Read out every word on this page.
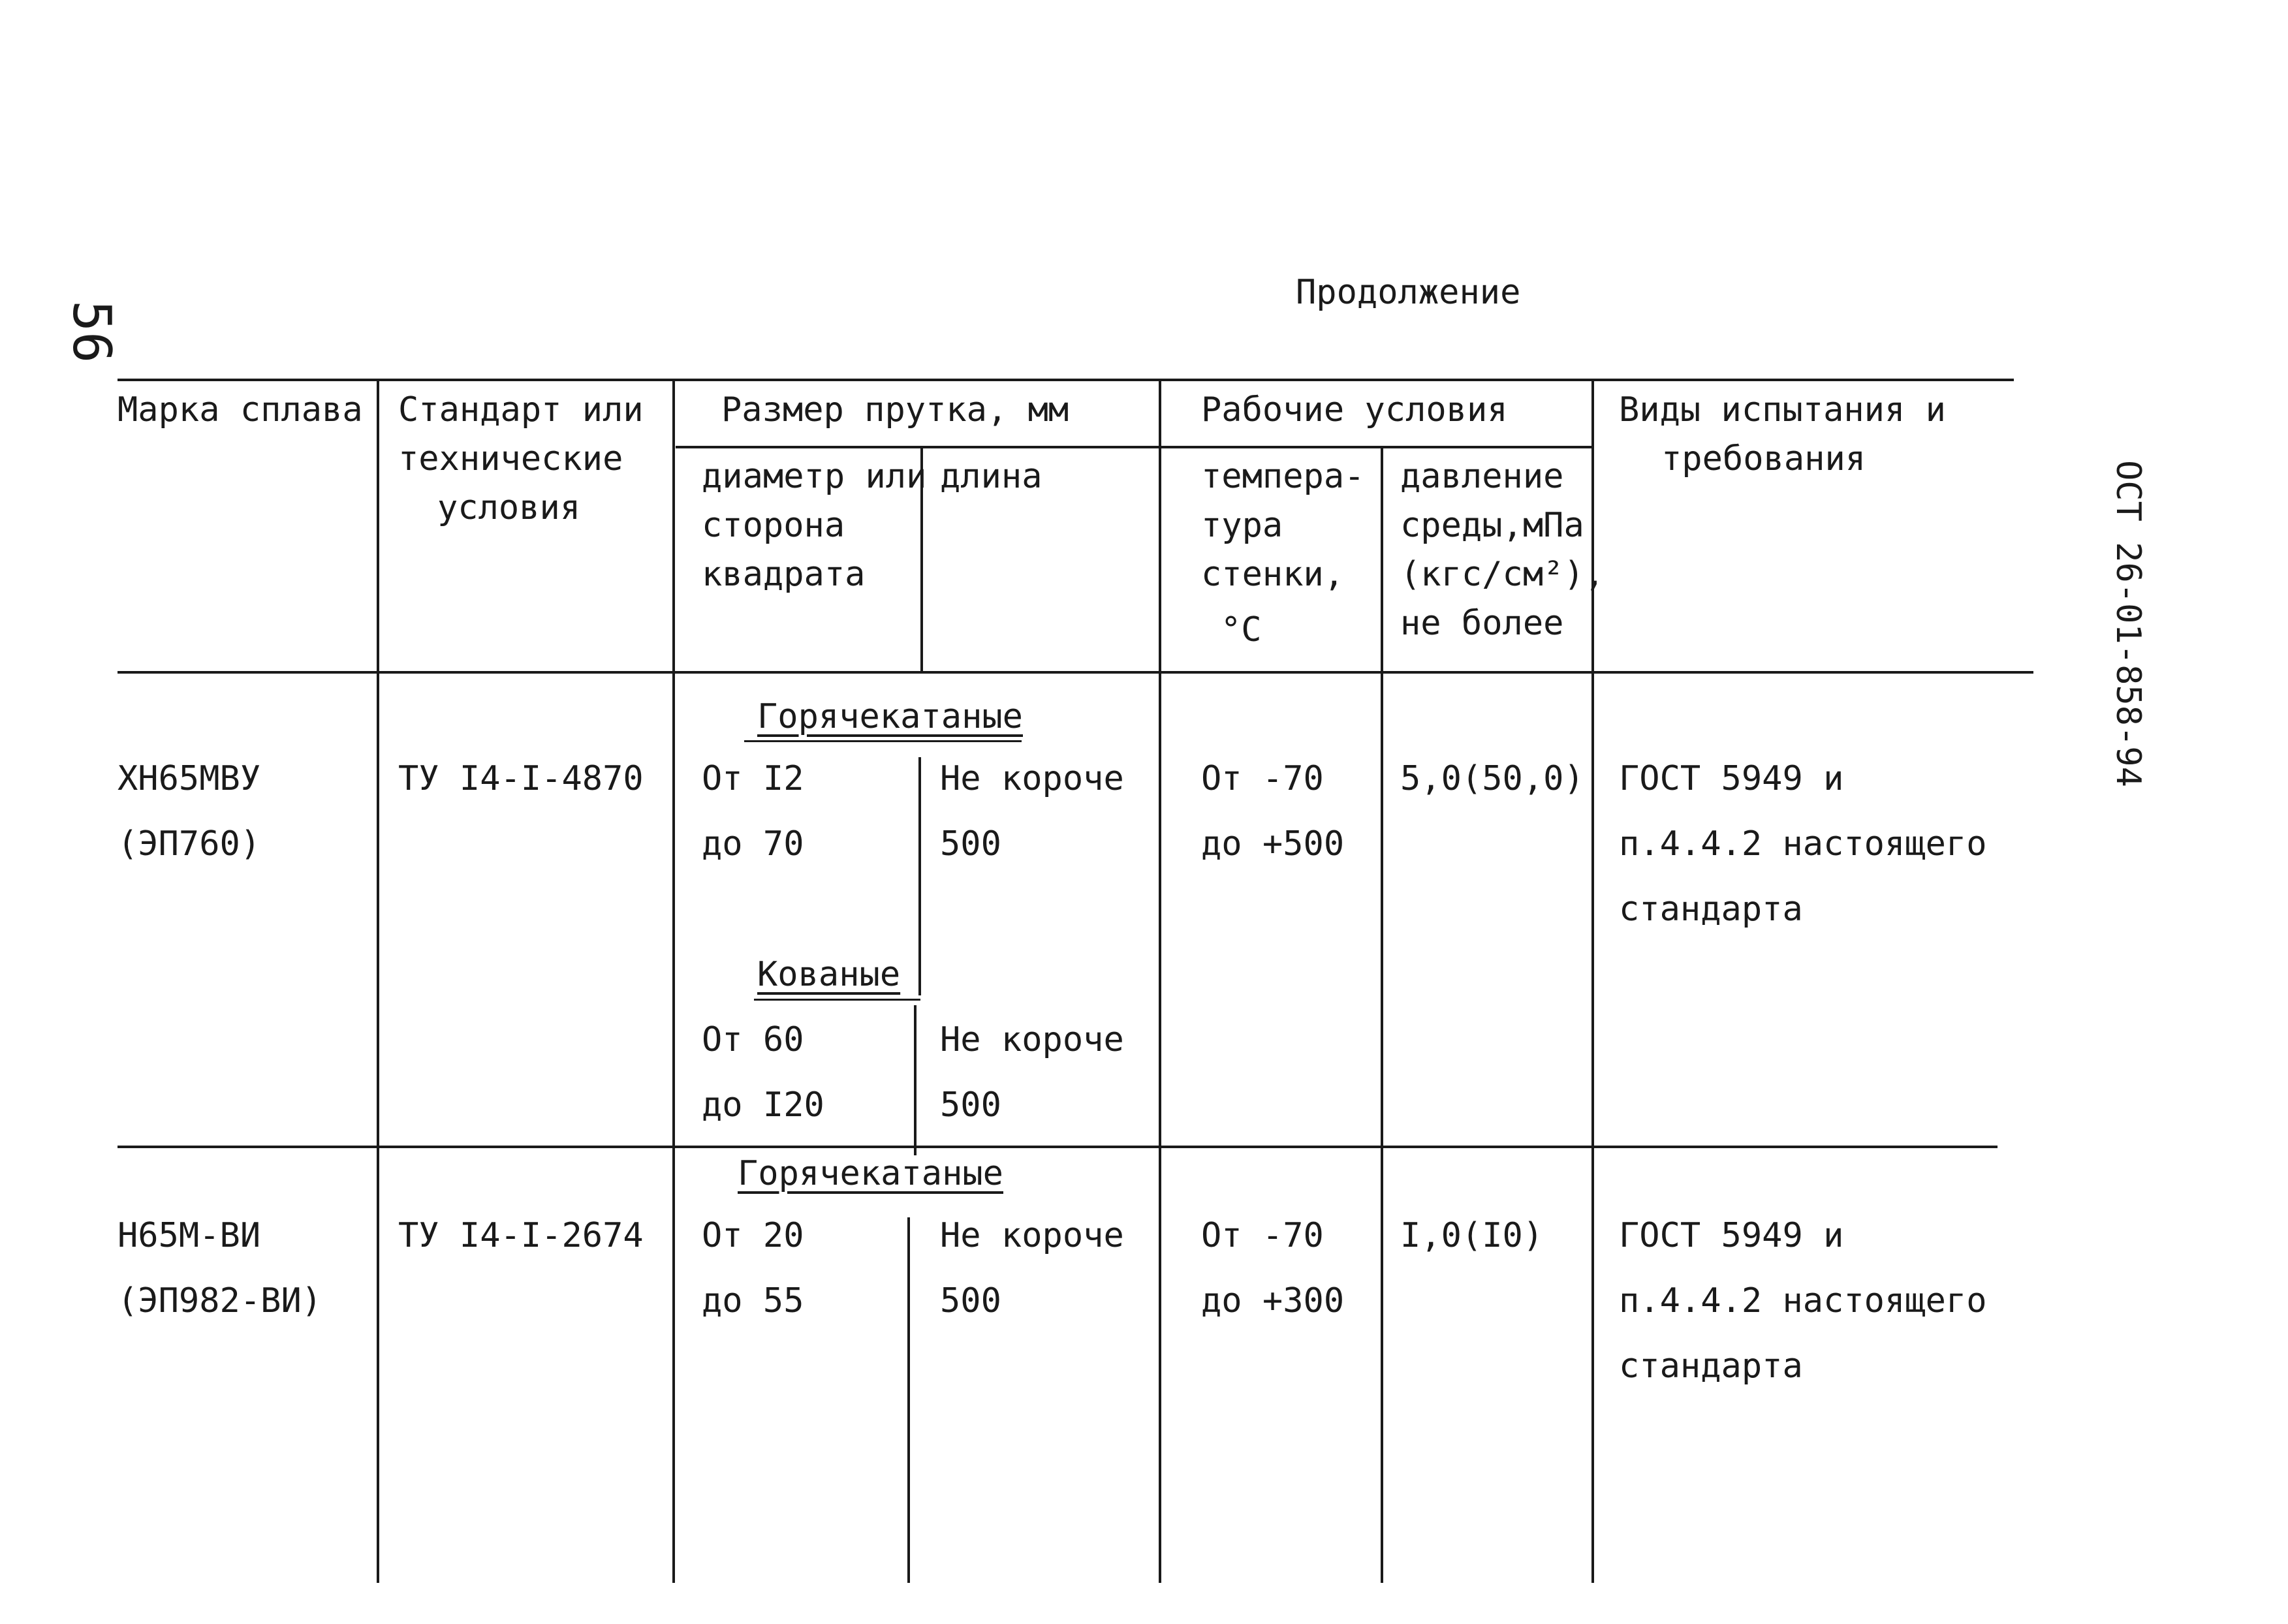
56
ОСТ 26-01-858-94
Продолжение
Марка сплава Стандарт или
технические
условия
Размер прутка, мм
диаметр или
сторона
квадрата
длина
Рабочие условия
темпера-
тура
стенки,
°С
давление
среды,мПа
(кгс/см²),
не более
Виды испытания и
требования
Горячекатаные
ХН65МВУ
(ЭП760)
ТУ I4-I-4870 От I2
до 70
Не короче
500
От -70
до +500
5,0(50,0) ГОСТ 5949 и
п.4.4.2 настоящего
стандарта
Кованые
От 60
до I20
Не короче
500
Горячекатаные
Н65М-ВИ
(ЭП982-ВИ)
ТУ I4-I-2674 От 20
до 55
Не короче
500
От -70
до +300
I,0(I0) ГОСТ 5949 и
п.4.4.2 настоящего
стандарта
